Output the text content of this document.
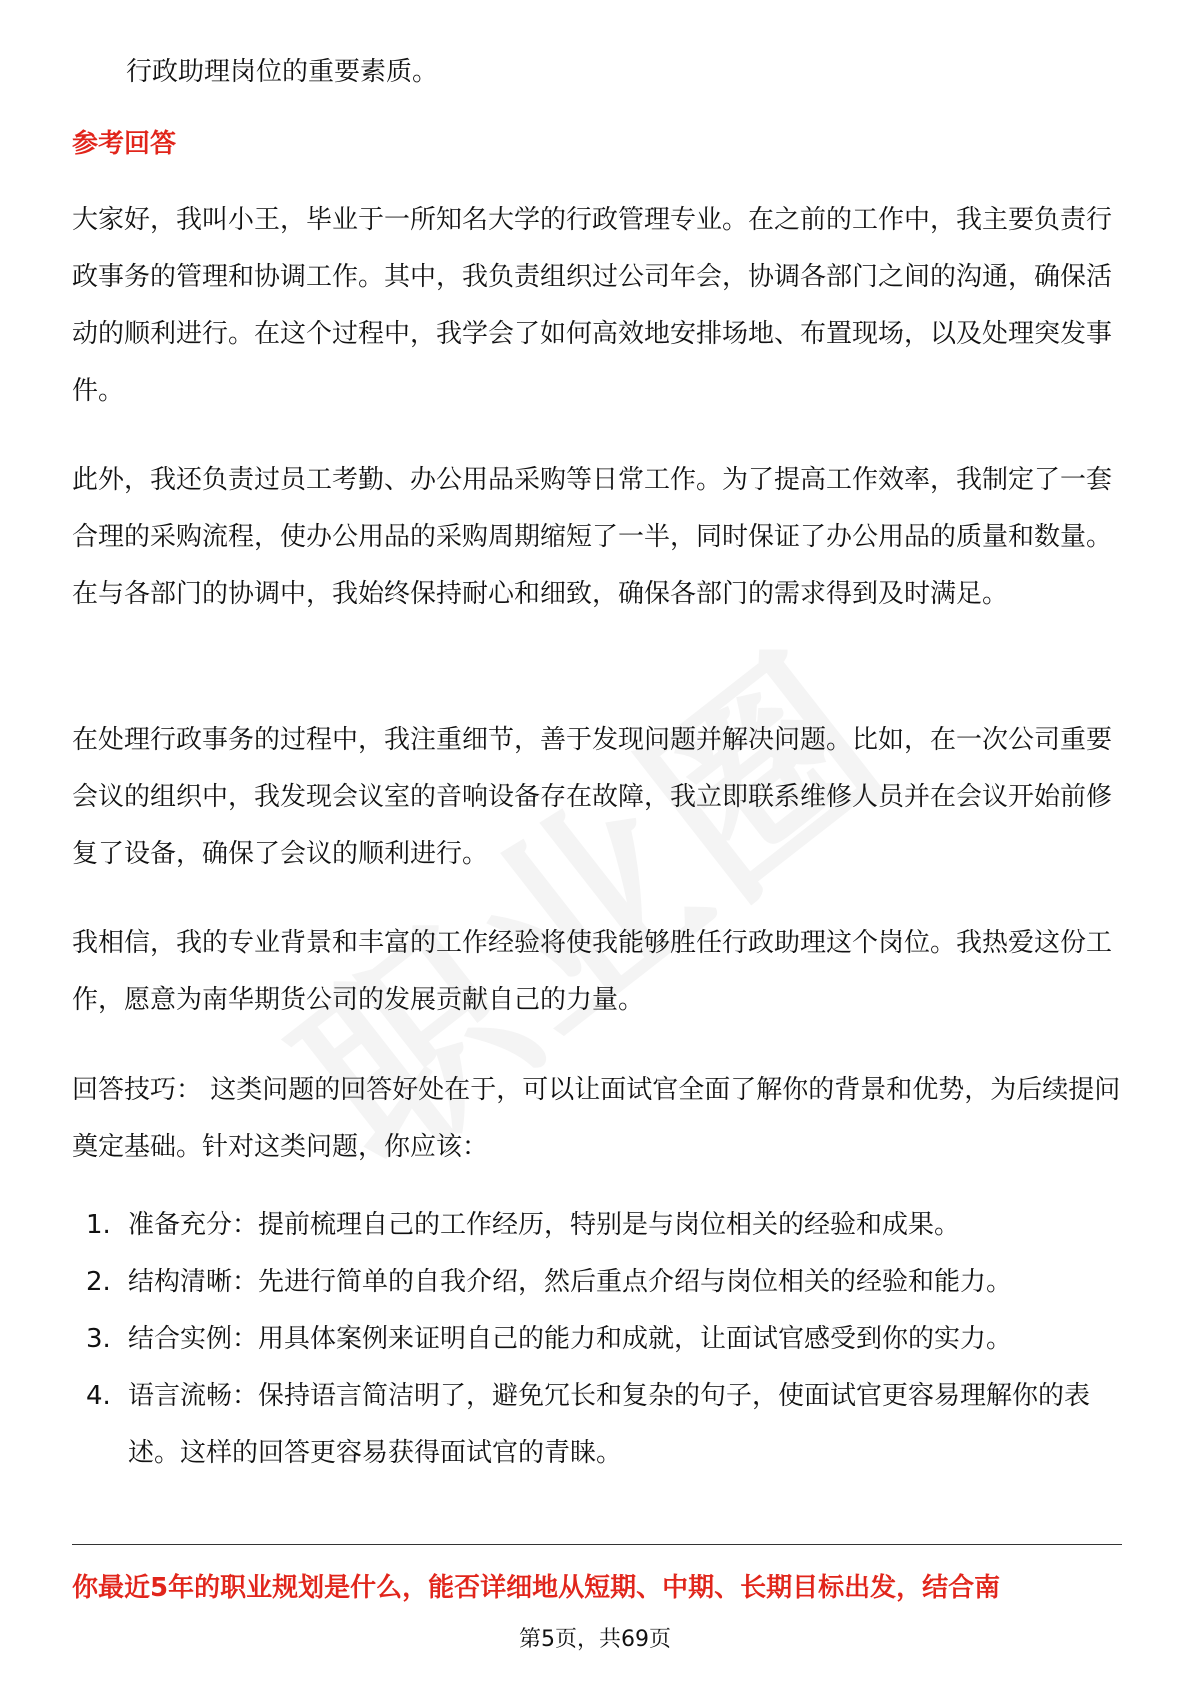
行政助理岗位的重要素质。
参考回答

大家好，我叫小王，毕业于一所知名大学的行政管理专业。在之前的工作中，我主要负责行政事务的管理和协调工作。其中，我负责组织过公司年会，协调各部门之间的沟通，确保活动的顺利进行。在这个过程中，我学会了如何高效地安排场地、布置现场，以及处理突发事件。

此外，我还负责过员工考勤、办公用品采购等日常工作。为了提高工作效率，我制定了一套合理的采购流程，使办公用品的采购周期缩短了一半，同时保证了办公用品的质量和数量。在与各部门的协调中，我始终保持耐心和细致，确保各部门的需求得到及时满足。

在处理行政事务的过程中，我注重细节，善于发现问题并解决问题。比如，在一次公司重要会议的组织中，我发现会议室的音响设备存在故障，我立即联系维修人员并在会议开始前修复了设备，确保了会议的顺利进行。

我相信，我的专业背景和丰富的工作经验将使我能够胜任行政助理这个岗位。我热爱这份工作，愿意为南华期货公司的发展贡献自己的力量。

回答技巧： 这类问题的回答好处在于，可以让面试官全面了解你的背景和优势，为后续提问奠定基础。针对这类问题，你应该：

1. 准备充分：提前梳理自己的工作经历，特别是与岗位相关的经验和成果。
2. 结构清晰：先进行简单的自我介绍，然后重点介绍与岗位相关的经验和能力。
3. 结合实例：用具体案例来证明自己的能力和成就，让面试官感受到你的实力。
4. 语言流畅：保持语言简洁明了，避免冗长和复杂的句子，使面试官更容易理解你的表述。这样的回答更容易获得面试官的青睐。
你最近5年的职业规划是什么，能否详细地从短期、中期、长期目标出发，结合南
第5页，共69页
